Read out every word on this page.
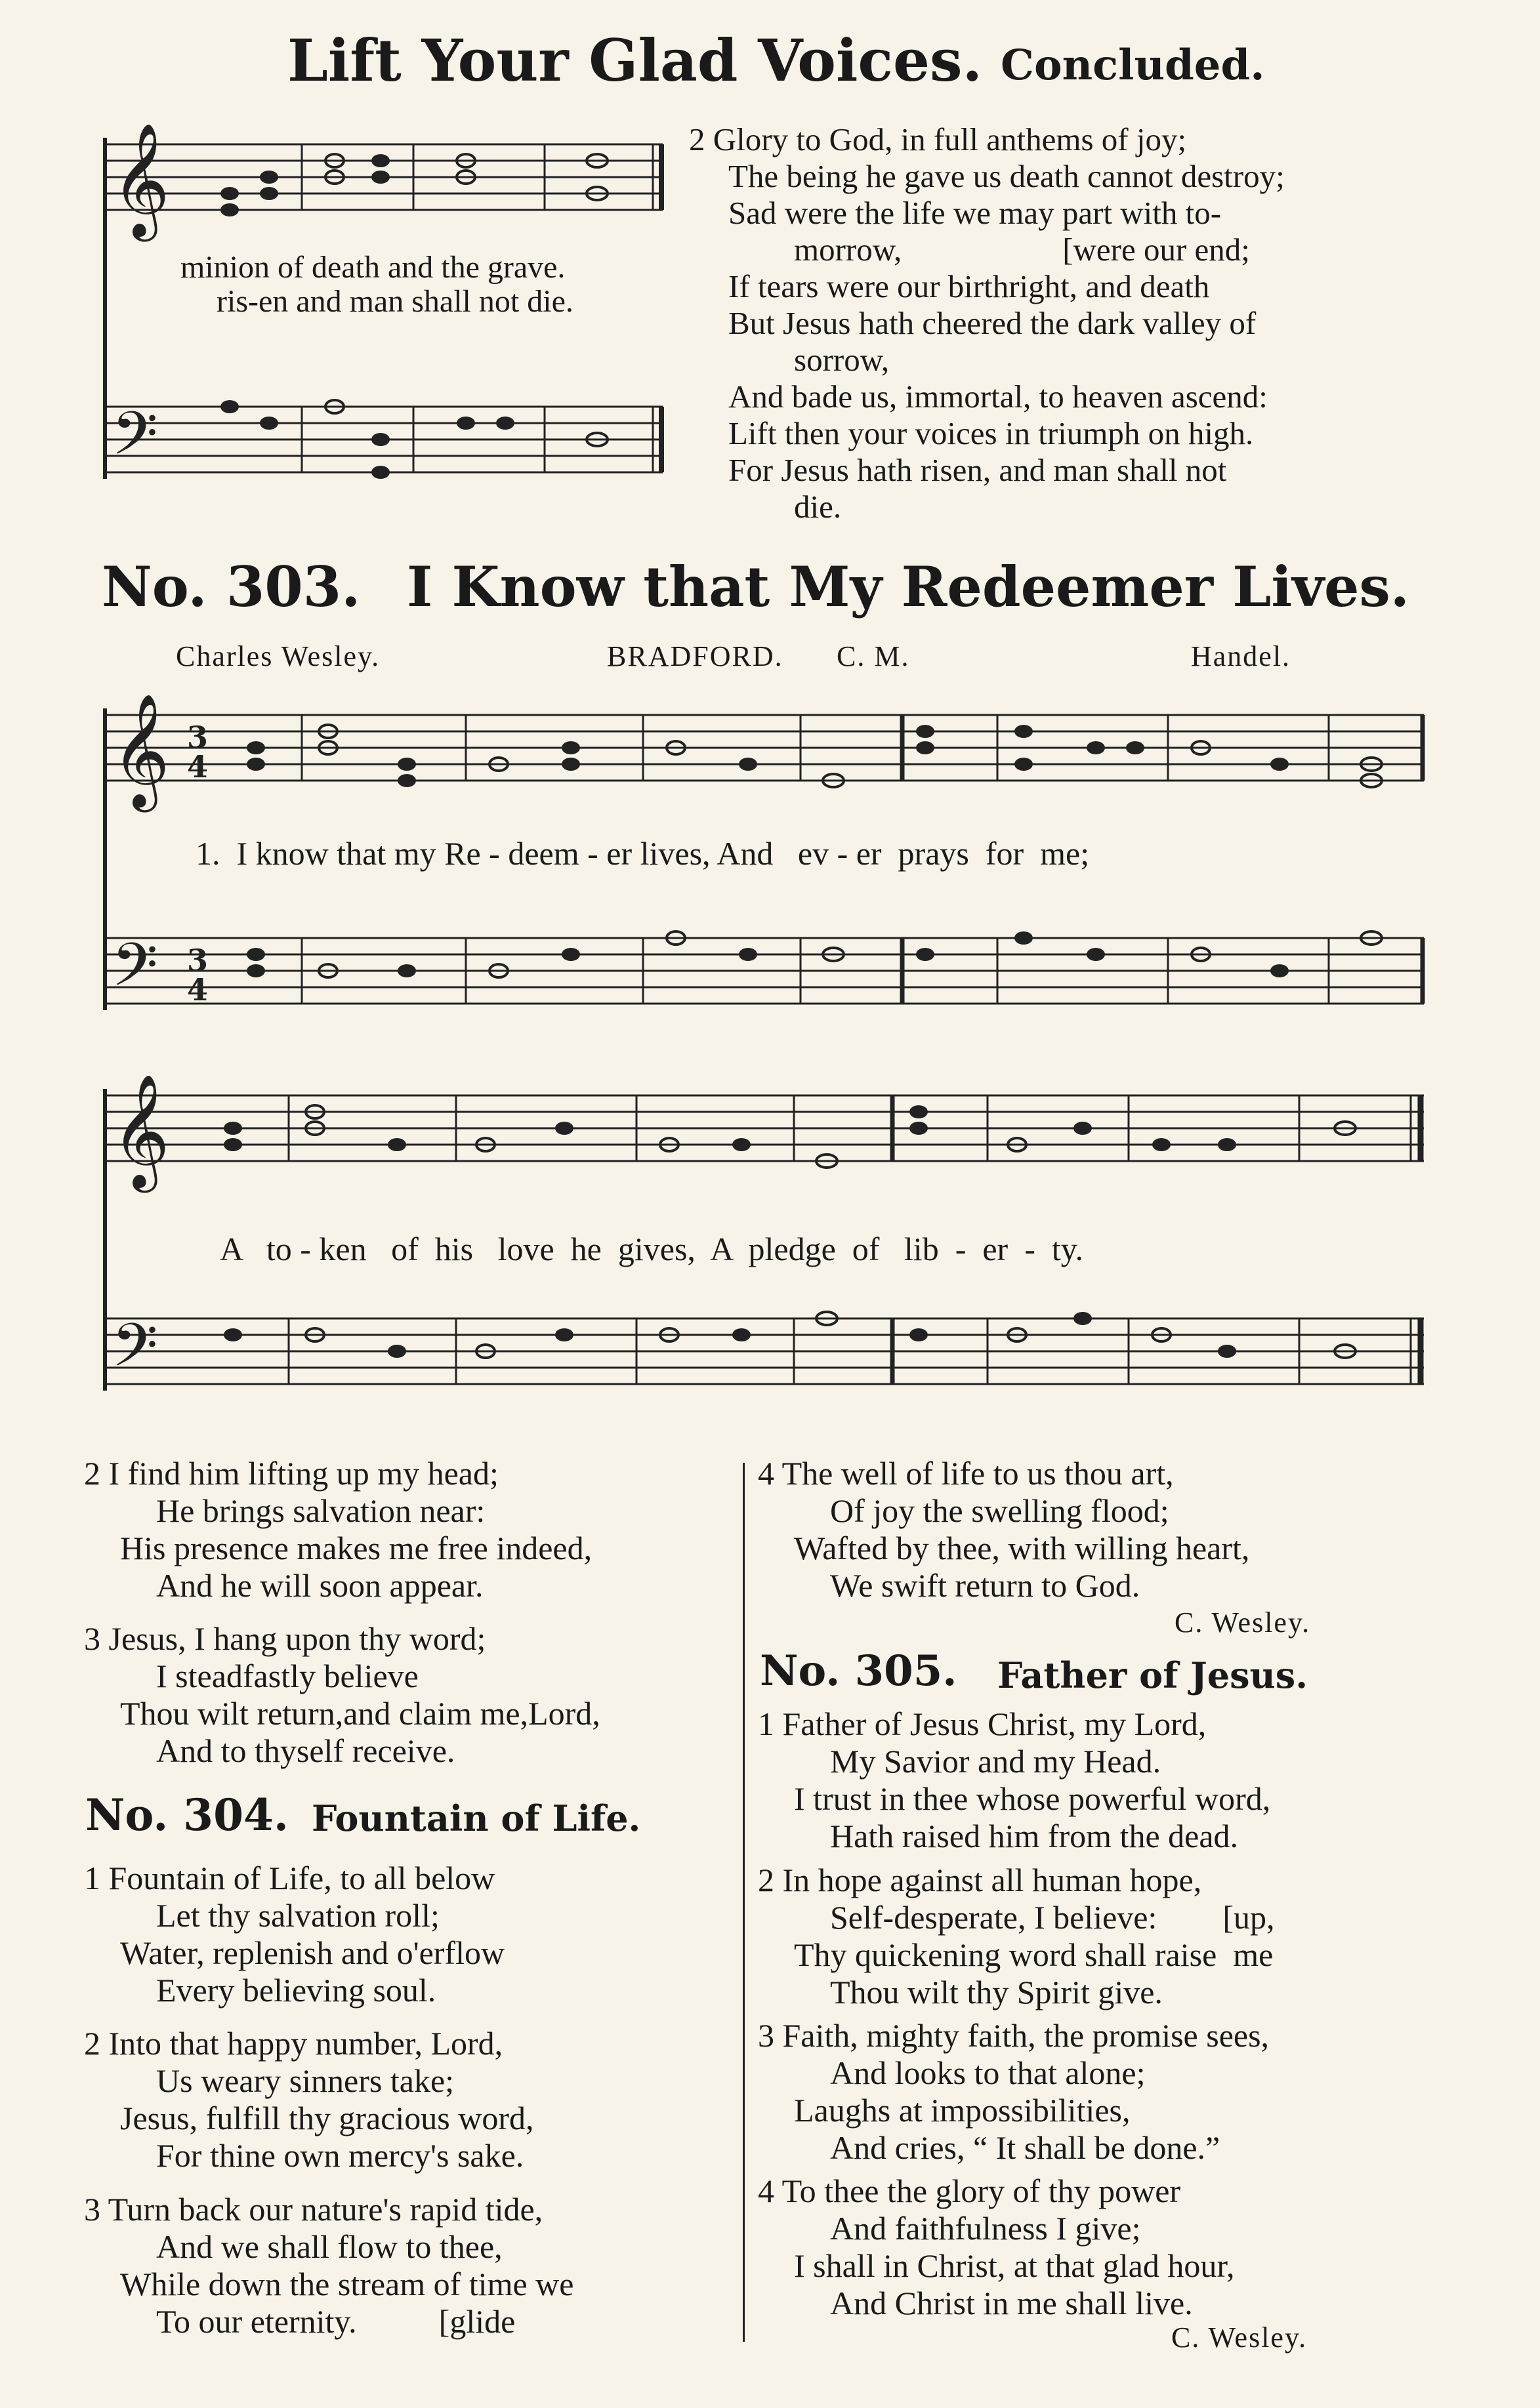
Lift Your Glad Voices. Concluded.
𝄞
𝄢
minion of death and the grave.
ris-en and man shall not die.
2 Glory to God, in full anthems of joy;
The being he gave us death cannot destroy;
Sad were the life we may part with to-
morrow,                    [were our end;
If tears were our birthright, and death
But Jesus hath cheered the dark valley of
sorrow,
And bade us, immortal, to heaven ascend:
Lift then your voices in triumph on high.
For Jesus hath risen, and man shall not
die.
No. 303. I Know that My Redeemer Lives.
Charles Wesley.	BRADFORD. C. M.	Handel.
𝄞
𝄢
3
4
3
4
1.  I know that my Re - deem - er lives, And   ev - er  prays  for  me;
𝄞
𝄢
A   to - ken   of  his   love  he  gives,  A  pledge  of   lib  -  er  -  ty.
2 I find him lifting up my head;
He brings salvation near:
His presence makes me free indeed,
And he will soon appear.
3 Jesus, I hang upon thy word;
I steadfastly believe
Thou wilt return,and claim me,Lord,
And to thyself receive.
No. 304. Fountain of Life.
1 Fountain of Life, to all below
Let thy salvation roll;
Water, replenish and o'erflow
Every believing soul.
2 Into that happy number, Lord,
Us weary sinners take;
Jesus, fulfill thy gracious word,
For thine own mercy's sake.
3 Turn back our nature's rapid tide,
And we shall flow to thee,
While down the stream of time we
To our eternity.          [glide
4 The well of life to us thou art,
Of joy the swelling flood;
Wafted by thee, with willing heart,
We swift return to God.
C. Wesley.
No. 305. Father of Jesus.
1 Father of Jesus Christ, my Lord,
My Savior and my Head.
I trust in thee whose powerful word,
Hath raised him from the dead.
2 In hope against all human hope,
Self-desperate, I believe:        [up,
Thy quickening word shall raise  me
Thou wilt thy Spirit give.
3 Faith, mighty faith, the promise sees,
And looks to that alone;
Laughs at impossibilities,
And cries, “ It shall be done.”
4 To thee the glory of thy power
And faithfulness I give;
I shall in Christ, at that glad hour,
And Christ in me shall live.
C. Wesley.
